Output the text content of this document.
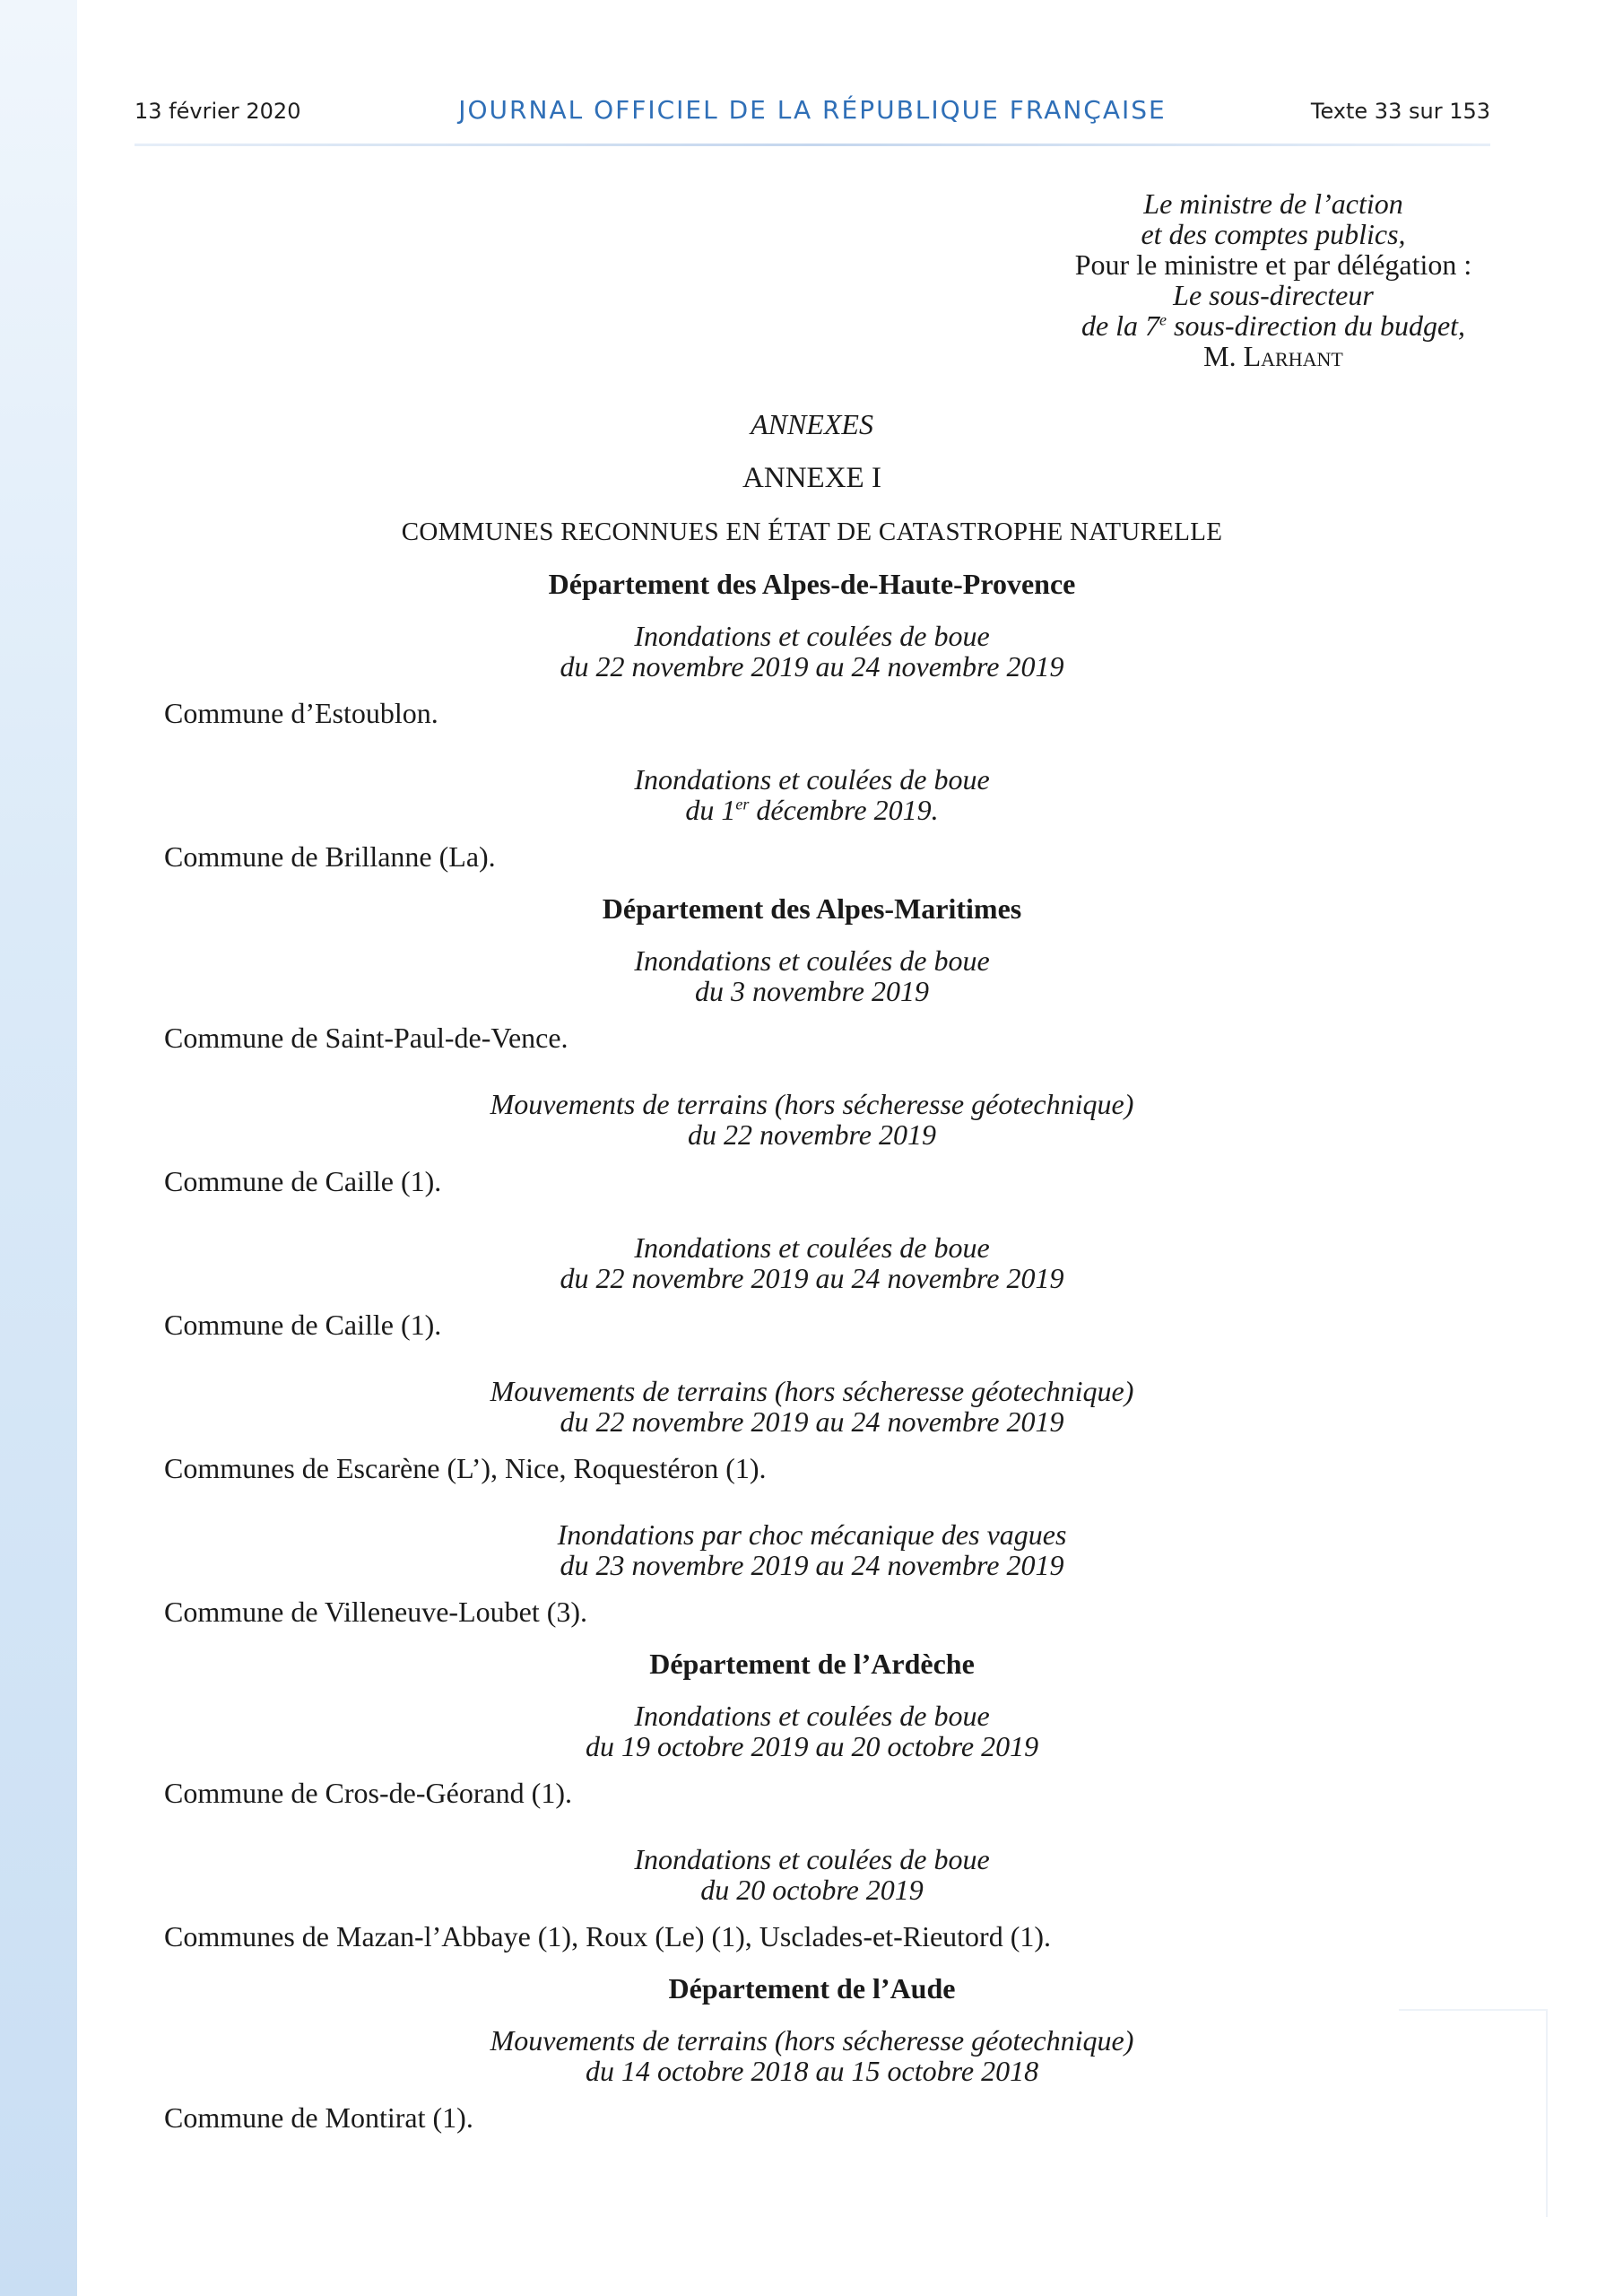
13 février 2020	JOURNAL OFFICIEL DE LA RÉPUBLIQUE FRANÇAISE	Texte 33 sur 153
Le ministre de l’action
et des comptes publics,
Pour le ministre et par délégation :
Le sous-directeur
de la 7e sous-direction du budget,
M. Larhant

ANNEXES

ANNEXE I

COMMUNES RECONNUES EN ÉTAT DE CATASTROPHE NATURELLE

Département des Alpes-de-Haute-Provence

Inondations et coulées de boue
du 22 novembre 2019 au 24 novembre 2019

Commune d’Estoublon.

Inondations et coulées de boue
du 1er décembre 2019.

Commune de Brillanne (La).

Département des Alpes-Maritimes

Inondations et coulées de boue
du 3 novembre 2019

Commune de Saint-Paul-de-Vence.

Mouvements de terrains (hors sécheresse géotechnique)
du 22 novembre 2019

Commune de Caille (1).

Inondations et coulées de boue
du 22 novembre 2019 au 24 novembre 2019

Commune de Caille (1).

Mouvements de terrains (hors sécheresse géotechnique)
du 22 novembre 2019 au 24 novembre 2019

Communes de Escarène (L’), Nice, Roquestéron (1).

Inondations par choc mécanique des vagues
du 23 novembre 2019 au 24 novembre 2019

Commune de Villeneuve-Loubet (3).

Département de l’Ardèche

Inondations et coulées de boue
du 19 octobre 2019 au 20 octobre 2019

Commune de Cros-de-Géorand (1).

Inondations et coulées de boue
du 20 octobre 2019

Communes de Mazan-l’Abbaye (1), Roux (Le) (1), Usclades-et-Rieutord (1).

Département de l’Aude

Mouvements de terrains (hors sécheresse géotechnique)
du 14 octobre 2018 au 15 octobre 2018

Commune de Montirat (1).
